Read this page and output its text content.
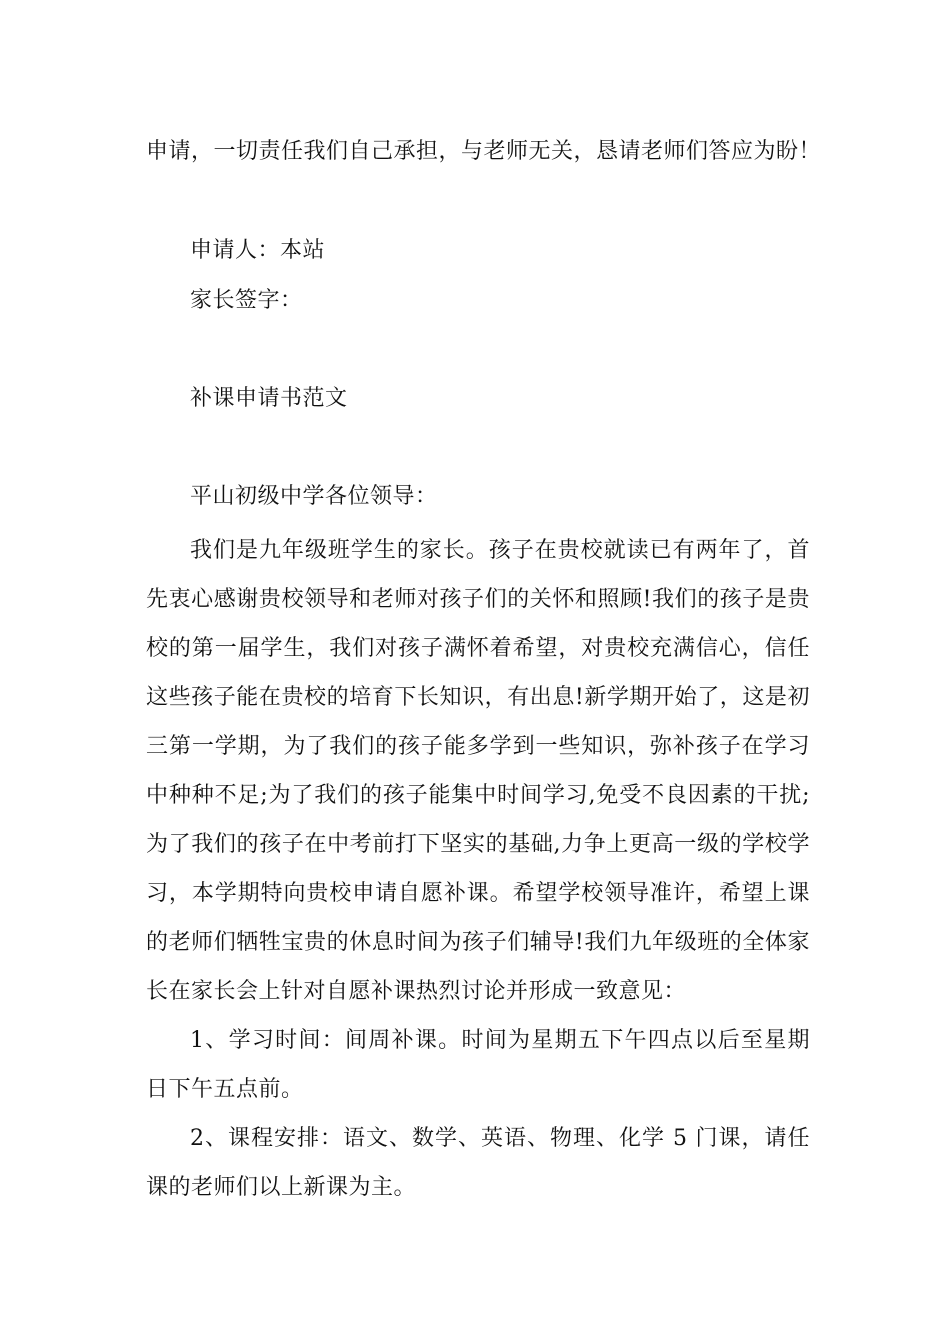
申请，一切责任我们自己承担，与老师无关，恳请老师们答应为盼！
申请人：本站
家长签字：
补课申请书范文
平山初级中学各位领导：

我们是九年级班学生的家长。孩子在贵校就读已有两年了，首先衷心感谢贵校领导和老师对孩子们的关怀和照顾!我们的孩子是贵校的第一届学生，我们对孩子满怀着希望，对贵校充满信心，信任这些孩子能在贵校的培育下长知识，有出息!新学期开始了，这是初三第一学期，为了我们的孩子能多学到一些知识，弥补孩子在学习中种种不足;为了我们的孩子能集中时间学习,免受不良因素的干扰;为了我们的孩子在中考前打下坚实的基础,力争上更高一级的学校学习，本学期特向贵校申请自愿补课。希望学校领导准许，希望上课的老师们牺牲宝贵的休息时间为孩子们辅导!我们九年级班的全体家长在家长会上针对自愿补课热烈讨论并形成一致意见：

1、学习时间：间周补课。时间为星期五下午四点以后至星期日下午五点前。

2、课程安排：语文、数学、英语、物理、化学 5 门课，请任课的老师们以上新课为主。
